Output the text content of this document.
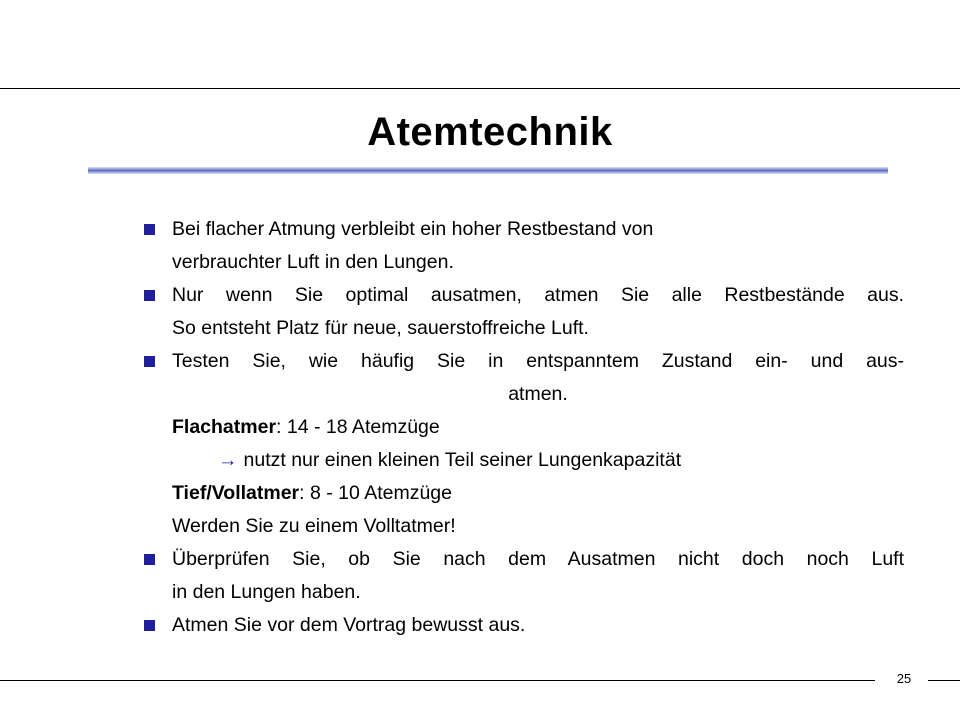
Atemtechnik
Bei flacher Atmung verbleibt ein hoher Restbestand von
verbrauchter Luft in den Lungen.
Nur wenn Sie optimal ausatmen, atmen Sie alle Restbestände aus.
So entsteht Platz für neue, sauerstoffreiche Luft.
Testen Sie, wie häufig Sie in entspanntem Zustand ein- und aus-
atmen.
Flachatmer: 14 - 18 Atemzüge
→ nutzt nur einen kleinen Teil seiner Lungenkapazität
Tief/Vollatmer: 8 - 10 Atemzüge
Werden Sie zu einem Volltatmer!
Überprüfen Sie, ob Sie nach dem Ausatmen nicht doch noch Luft
in den Lungen haben.
Atmen Sie vor dem Vortrag bewusst aus.
25
